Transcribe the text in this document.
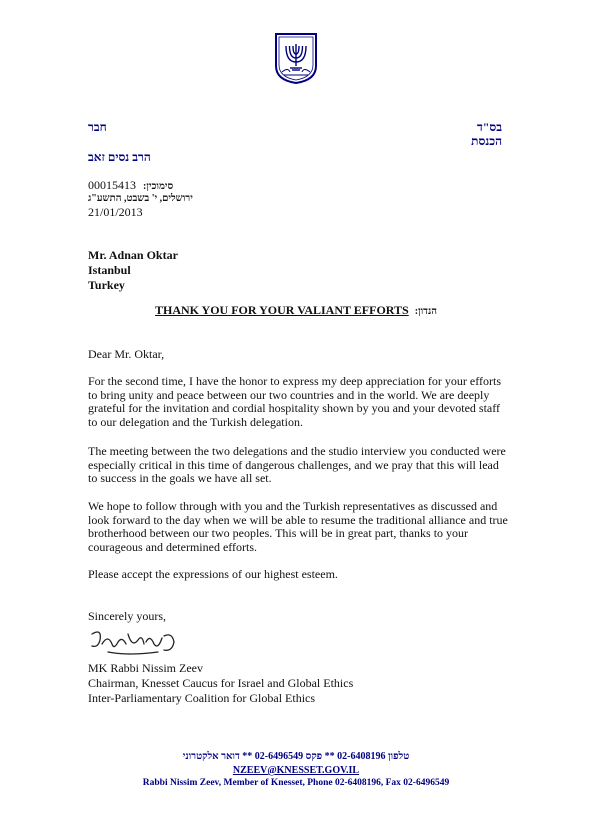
בס"ד
הכנסת
חבר
הרב נסים זאב
00015413 סימוכין:
ירושלים, י' בשבט, התשע"ג
21/01/2013
Mr. Adnan Oktar
Istanbul
Turkey
THANK YOU FOR YOUR VALIANT EFFORTS הנדון:

Dear Mr. Oktar,

For the second time, I have the honor to express my deep appreciation for your efforts to bring unity and peace between our two countries and in the world. We are deeply grateful for the invitation and cordial hospitality shown by you and your devoted staff to our delegation and the Turkish delegation.

The meeting between the two delegations and the studio interview you conducted were especially critical in this time of dangerous challenges, and we pray that this will lead to success in the goals we have all set.

We hope to follow through with you and the Turkish representatives as discussed and look forward to the day when we will be able to resume the traditional alliance and true brotherhood between our two peoples. This will be in great part, thanks to your courageous and determined efforts.

Please accept the expressions of our highest esteem.

Sincerely yours,

MK Rabbi Nissim Zeev
Chairman, Knesset Caucus for Israel and Global Ethics
Inter-Parliamentary Coalition for Global Ethics
טלפון 02-6408196 ** פקס 02-6496549 ** דואר אלקטרוני
NZEEV@KNESSET.GOV.IL
Rabbi Nissim Zeev, Member of Knesset, Phone 02-6408196, Fax 02-6496549
